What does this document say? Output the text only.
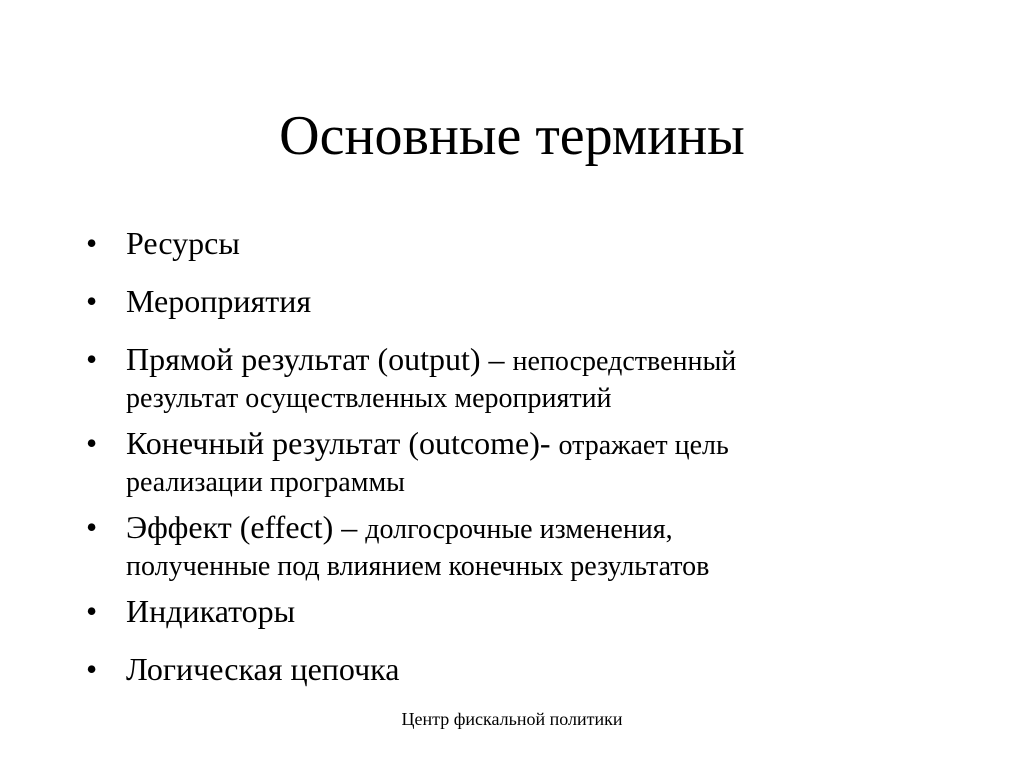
Основные термины
• Ресурсы
• Мероприятия
• Прямой результат (output) – непосредственный
результат осуществленных мероприятий
• Конечный результат (outcome)- отражает цель
реализации программы
• Эффект (effect) – долгосрочные изменения,
полученные под влиянием конечных результатов
• Индикаторы
• Логическая цепочка
Центр фискальной политики
